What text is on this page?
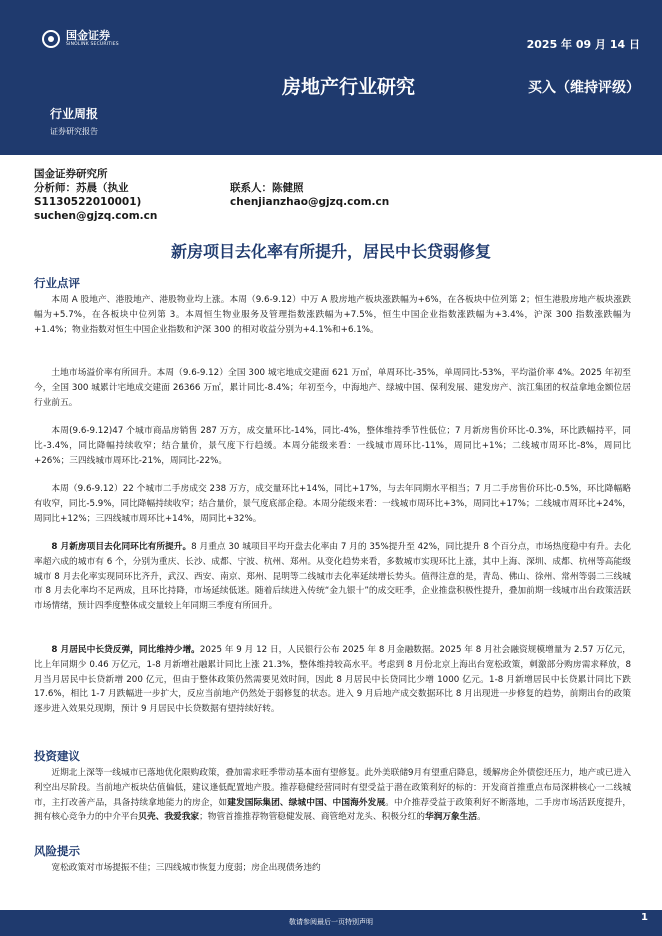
国金证券
SINOLINK SECURITIES	2025 年 09 月 14 日
房地产行业研究	买入（维持评级）
行业周报
证券研究报告
国金证券研究所
分析师：苏晨（执业
S1130522010001)
suchen@gjzq.com.cn
联系人：陈健照
chenjianzhao@gjzq.com.cn
新房项目去化率有所提升，居民中长贷弱修复
行业点评
本周 A 股地产、港股地产、港股物业均上涨。本周（9.6-9.12）中万 A 股房地产板块涨跌幅为+6%，在各板块中位列第 2；恒生港股房地产板块涨跌幅为+5.7%，在各板块中位列第 3。本周恒生物业服务及管理指数涨跌幅为+7.5%，恒生中国企业指数涨跌幅为+3.4%，沪深 300 指数涨跌幅为+1.4%；物业指数对恒生中国企业指数和沪深 300 的相对收益分别为+4.1%和+6.1%。
土地市场溢价率有所回升。本周（9.6-9.12）全国 300 城宅地成交建面 621 万㎡，单周环比-35%，单周同比-53%，平均溢价率 4%。2025 年初至今，全国 300 城累计宅地成交建面 26366 万㎡，累计同比-8.4%；年初至今，中海地产、绿城中国、保利发展、建发房产、滨江集团的权益拿地金额位居行业前五。
本周(9.6-9.12)47 个城市商品房销售 287 万方，成交量环比-14%，同比-4%，整体维持季节性低位；7 月新房售价环比-0.3%，环比跌幅持平，同比-3.4%，同比降幅持续收窄；结合量价，景气度下行趋缓。本周分能级来看：一线城市周环比-11%，周同比+1%；二线城市周环比-8%，周同比+26%；三四线城市周环比-21%，周同比-22%。
本周（9.6-9.12）22 个城市二手房成交 238 万方，成交量环比+14%，同比+17%，与去年同期水平相当；7 月二手房售价环比-0.5%，环比降幅略有收窄，同比-5.9%，同比降幅持续收窄；结合量价，景气度底部企稳。本周分能级来看：一线城市周环比+3%，周同比+17%；二线城市周环比+24%，周同比+12%；三四线城市周环比+14%，周同比+32%。
8 月新房项目去化同环比有所提升。8 月重点 30 城项目平均开盘去化率由 7 月的 35%提升至 42%，同比提升 8 个百分点，市场热度稳中有升。去化率超六成的城市有 6 个，分别为重庆、长沙、成都、宁波、杭州、郑州。从变化趋势来看，多数城市实现环比上涨，其中上海、深圳、成都、杭州等高能级城市 8 月去化率实现同环比齐升，武汉、西安、南京、郑州、昆明等二线城市去化率延续增长势头。值得注意的是，青岛、佛山、徐州、常州等弱二三线城市 8 月去化率均不足两成，且环比持降，市场延续低迷。随着后续进入传统“金九银十”的成交旺季，企业推盘积极性提升，叠加前期一线城市出台政策活跃市场情绪，预计四季度整体成交量较上年同期三季度有所回升。
8 月居民中长贷反弹，同比维持少增。2025 年 9 月 12 日，人民银行公布 2025 年 8 月金融数据。2025 年 8 月社会融资规模增量为 2.57 万亿元，比上年同期少 0.46 万亿元，1-8 月新增社融累计同比上涨 21.3%，整体维持较高水平。考虑到 8 月份北京上海出台宽松政策，刺激部分购房需求释放，8 月当月居民中长贷新增 200 亿元，但由于整体政策仍然需要见效时间，因此 8 月居民中长贷同比少增 1000 亿元。1-8 月新增居民中长贷累计同比下跌 17.6%，相比 1-7 月跌幅进一步扩大，反应当前地产仍然处于弱修复的状态。进入 9 月后地产成交数据环比 8 月出现进一步修复的趋势，前期出台的政策逐步进入效果兑现期，预计 9 月居民中长贷数据有望持续好转。
投资建议
近期北上深等一线城市已落地优化限购政策，叠加需求旺季带动基本面有望修复。此外美联储9月有望重启降息，缓解房企外债偿还压力，地产或已进入利空出尽阶段。当前地产板块估值偏低，建议逢低配置地产股。推荐稳健经营同时有望受益于潜在政策利好的标的：开发商首推重点布局深耕核心一二线城市，主打改善产品，具备持续拿地能力的房企，如建发国际集团、绿城中国、中国海外发展。中介推荐受益于政策利好不断落地，二手房市场活跃度提升，拥有核心竞争力的中介平台贝壳、我爱我家；物管首推推荐物管稳健发展、商管绝对龙头、积极分红的华润万象生活。
风险提示
宽松政策对市场提振不佳；三四线城市恢复力度弱；房企出现债务违约
敬请参阅最后一页特别声明	1
